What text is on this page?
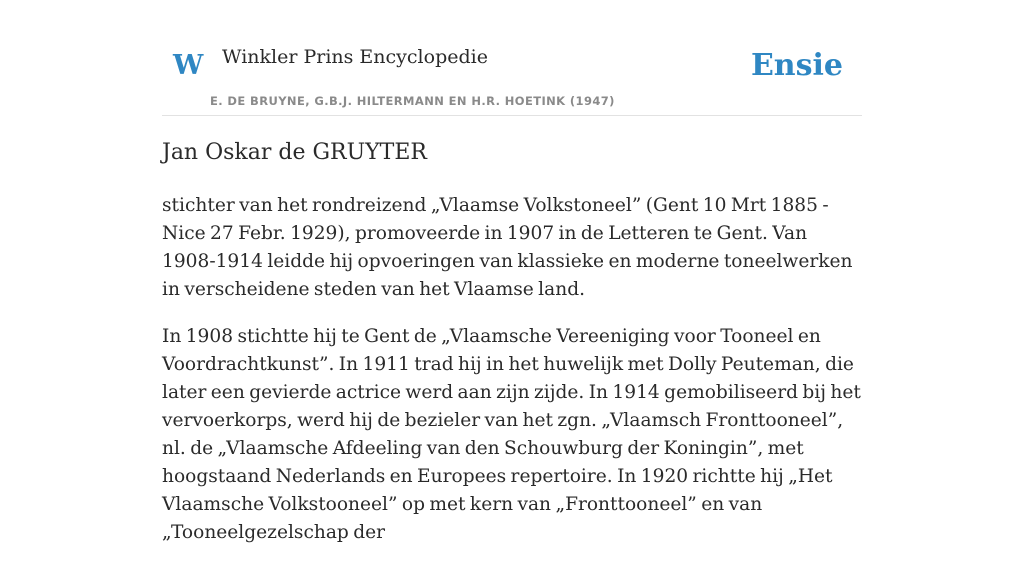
W Winkler Prins Encyclopedie
E. DE BRUYNE, G.B.J. HILTERMANN EN H.R. HOETINK (1947)
Ensie
Jan Oskar de GRUYTER

stichter van het rondreizend „Vlaamse Volkstoneel” (Gent 10 Mrt 1885 - Nice 27 Febr. 1929), promoveerde in 1907 in de Letteren te Gent. Van 1908-1914 leidde hij opvoeringen van klassieke en moderne toneelwerken in verscheidene steden van het Vlaamse land.

In 1908 stichtte hij te Gent de „Vlaamsche Vereeniging voor Tooneel en Voordrachtkunst”. In 1911 trad hij in het huwelijk met Dolly Peuteman, die later een gevierde actrice werd aan zijn zijde. In 1914 gemobiliseerd bij het vervoerkorps, werd hij de bezieler van het zgn. „Vlaamsch Fronttooneel”, nl. de „Vlaamsche Afdeeling van den Schouwburg der Koningin”, met hoogstaand Nederlands en Europees repertoire. In 1920 richtte hij „Het Vlaamsche Volkstooneel” op met kern van „Fronttooneel” en van „Tooneelgezelschap der
